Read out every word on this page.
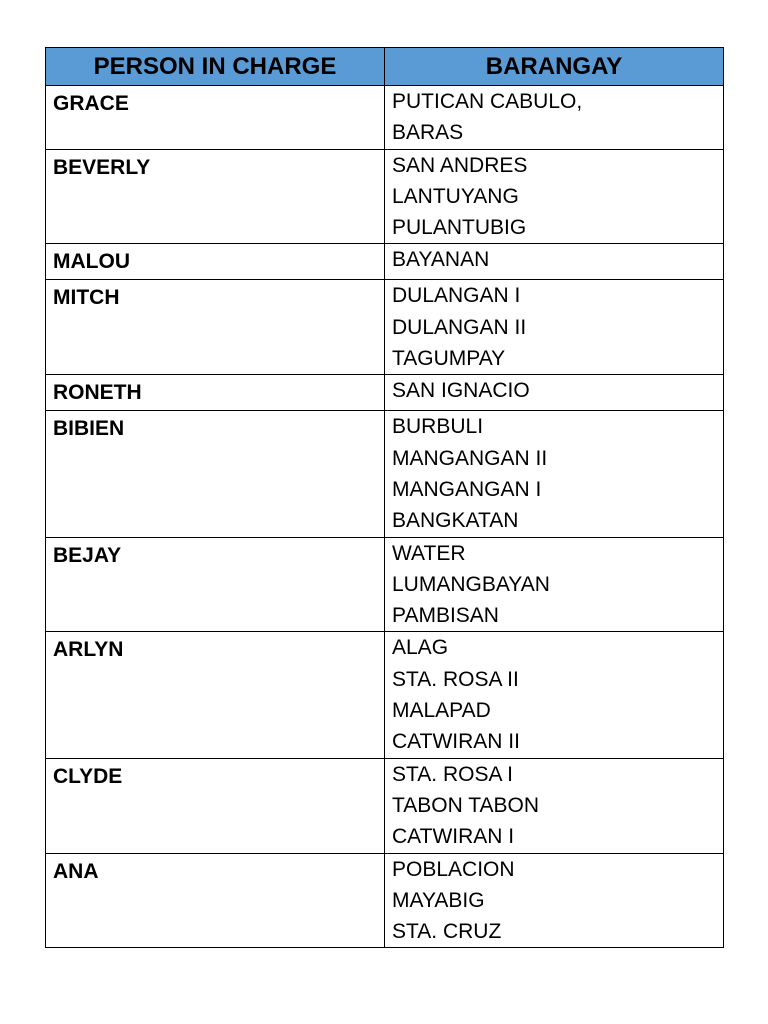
PERSON IN CHARGE	BARANGAY
GRACE	PUTICAN CABULO,
BARAS

BEVERLY	SAN ANDRES
LANTUYANG
PULANTUBIG

MALOU	BAYANAN

MITCH	DULANGAN I
DULANGAN II
TAGUMPAY

RONETH	SAN IGNACIO

BIBIEN	BURBULI
MANGANGAN II
MANGANGAN I
BANGKATAN

BEJAY	WATER
LUMANGBAYAN
PAMBISAN

ARLYN	ALAG
STA. ROSA II
MALAPAD
CATWIRAN II

CLYDE	STA. ROSA I
TABON TABON
CATWIRAN I

ANA	POBLACION
MAYABIG
STA. CRUZ
